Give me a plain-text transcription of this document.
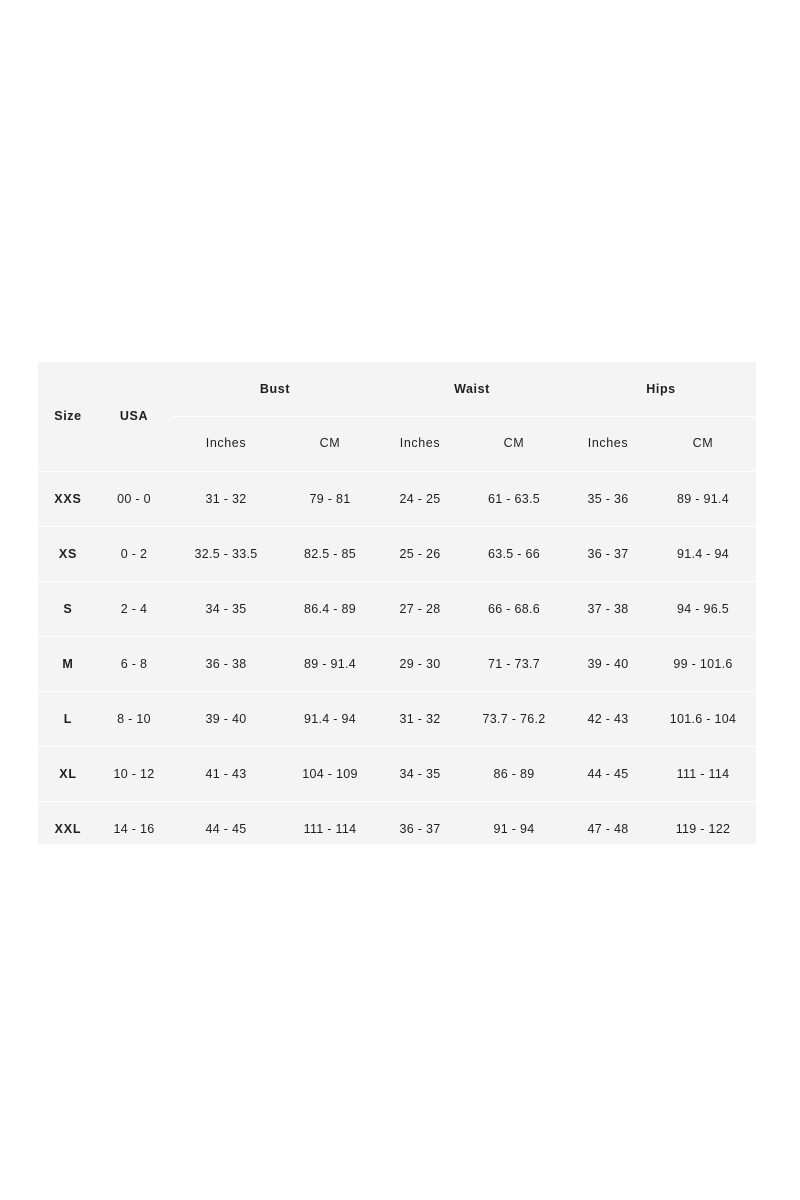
Size	USA
Bust	Waist	Hips
Inches	CM	Inches	CM	Inches	CM
XXS	00 - 0	31 - 32	79 - 81	24 - 25	61 - 63.5	35 - 36	89 - 91.4
XS	0 - 2	32.5 - 33.5	82.5 - 85	25 - 26	63.5 - 66	36 - 37	91.4 - 94
S	2 - 4	34 - 35	86.4 - 89	27 - 28	66 - 68.6	37 - 38	94 - 96.5
M	6 - 8	36 - 38	89 - 91.4	29 - 30	71 - 73.7	39 - 40	99 - 101.6
L	8 - 10	39 - 40	91.4 - 94	31 - 32	73.7 - 76.2	42 - 43	101.6 - 104
XL	10 - 12	41 - 43	104 - 109	34 - 35	86 - 89	44 - 45	111 - 114
XXL	14 - 16	44 - 45	111 - 114	36 - 37	91 - 94	47 - 48	119 - 122
